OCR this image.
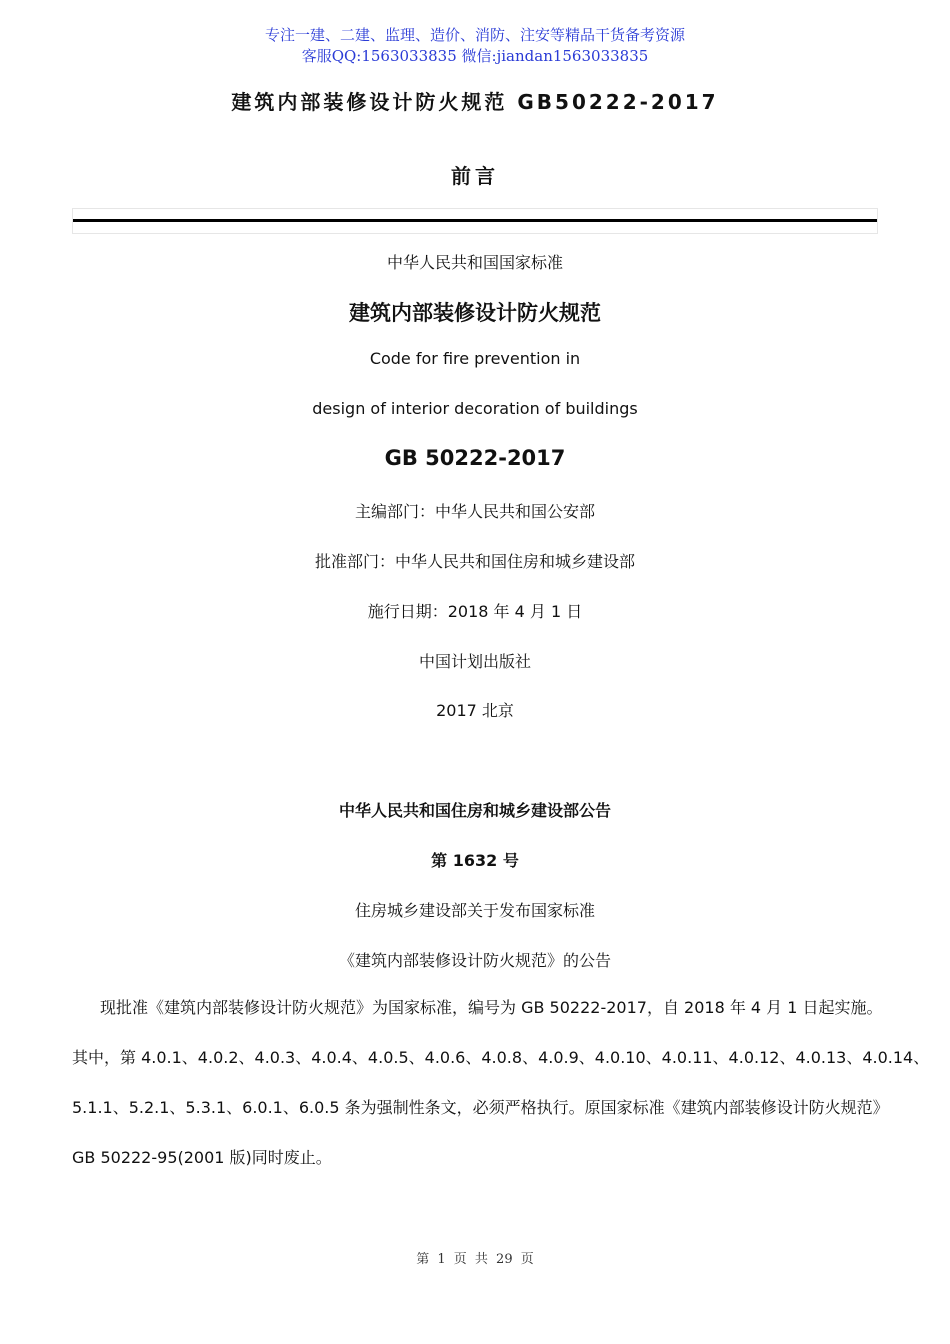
专注一建、二建、监理、造价、消防、注安等精品干货备考资源
客服QQ:1563033835 微信:jiandan1563033835
建筑内部装修设计防火规范 GB50222-2017
前言
中华人民共和国国家标准
建筑内部装修设计防火规范
Code for fire prevention in
design of interior decoration of buildings
GB 50222-2017
主编部门：中华人民共和国公安部
批准部门：中华人民共和国住房和城乡建设部
施行日期：2018 年 4 月 1 日
中国计划出版社
2017 北京
中华人民共和国住房和城乡建设部公告
第 1632 号
住房城乡建设部关于发布国家标准
《建筑内部装修设计防火规范》的公告
现批准《建筑内部装修设计防火规范》为国家标准，编号为 GB 50222-2017，自 2018 年 4 月 1 日起实施。
其中，第 4.0.1、4.0.2、4.0.3、4.0.4、4.0.5、4.0.6、4.0.8、4.0.9、4.0.10、4.0.11、4.0.12、4.0.13、4.0.14、
5.1.1、5.2.1、5.3.1、6.0.1、6.0.5 条为强制性条文，必须严格执行。原国家标准《建筑内部装修设计防火规范》
GB 50222-95(2001 版)同时废止。
第 1 页 共 29 页
